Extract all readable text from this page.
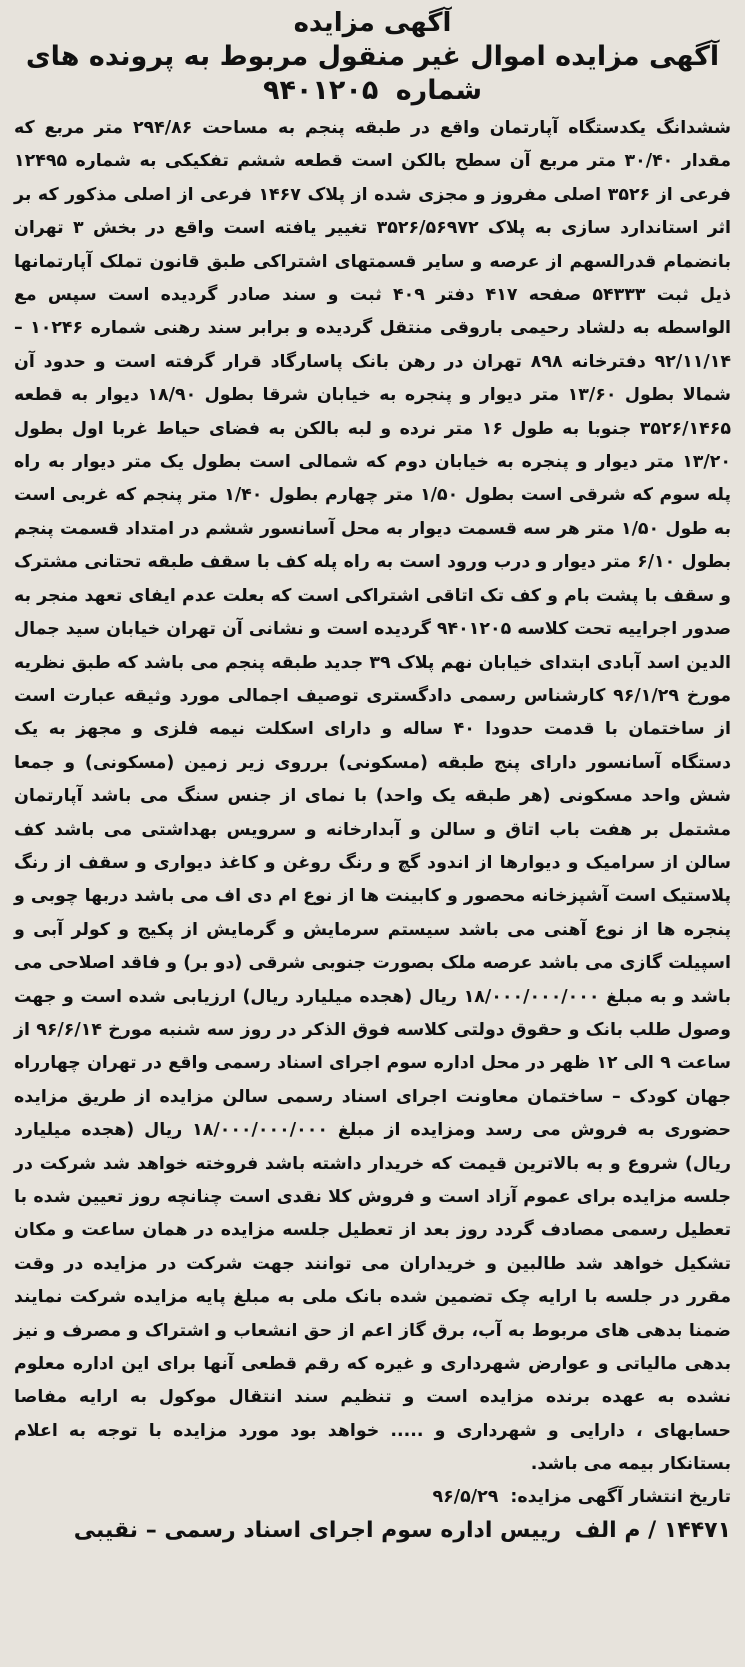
آگهی مزایده
آگهی مزایده اموال غیر منقول مربوط به پرونده های
شماره ۹۴۰۱۲۰۵

ششدانگ یکدستگاه آپارتمان واقع در طبقه پنجم به مساحت ۲۹۴/۸۶ متر مربع که مقدار ۳۰/۴۰ متر مربع آن سطح بالکن است قطعه ششم تفکیکی به شماره ۱۲۴۹۵ فرعی از ۳۵۲۶ اصلی مفروز و مجزی شده از پلاک ۱۴۶۷ فرعی از اصلی مذکور که بر اثر استاندارد سازی به پلاک ۳۵۲۶/۵۶۹۷۲ تغییر یافته است واقع در بخش ۳ تهران بانضمام قدرالسهم از عرصه و سایر قسمتهای اشتراکی طبق قانون تملک آپارتمانها ذیل ثبت ۵۴۳۳۳ صفحه ۴۱۷ دفتر ۴۰۹ ثبت و سند صادر گردیده است سپس مع الواسطه به دلشاد رحیمی باروقی منتقل گردیده و برابر سند رهنی شماره ۱۰۲۴۶ – ۹۲/۱۱/۱۴ دفترخانه ۸۹۸ تهران در رهن بانک پاسارگاد قرار گرفته است و حدود آن شمالا بطول ۱۳/۶۰ متر دیوار و پنجره به خیابان شرقا بطول ۱۸/۹۰ دیوار به قطعه ۳۵۲۶/۱۴۶۵ جنوبا به طول ۱۶ متر نرده و لبه بالکن به فضای حیاط غربا اول بطول ۱۳/۲۰ متر دیوار و پنجره به خیابان دوم که شمالی است بطول یک متر دیوار به راه پله سوم که شرقی است بطول ۱/۵۰ متر چهارم بطول ۱/۴۰ متر پنجم که غربی است به طول ۱/۵۰ متر هر سه قسمت دیوار به محل آسانسور ششم در امتداد قسمت پنجم بطول ۶/۱۰ متر دیوار و درب ورود است به راه پله کف با سقف طبقه تحتانی مشترک و سقف با پشت بام و کف تک اتاقی اشتراکی است که بعلت عدم ایفای تعهد منجر به صدور اجراییه تحت کلاسه ۹۴۰۱۲۰۵ گردیده است و نشانی آن تهران خیابان سید جمال الدین اسد آبادی ابتدای خیابان نهم پلاک ۳۹ جدید طبقه پنجم می باشد که طبق نظریه مورخ ۹۶/۱/۲۹ کارشناس رسمی دادگستری توصیف اجمالی مورد وثیقه عبارت است از ساختمان با قدمت حدودا ۴۰ ساله و دارای اسکلت نیمه فلزی و مجهز به یک دستگاه آسانسور دارای پنج طبقه (مسکونی) برروی زیر زمین (مسکونی) و جمعا شش واحد مسکونی (هر طبقه یک واحد) با نمای از جنس سنگ می باشد آپارتمان مشتمل بر هفت باب اتاق و سالن و آبدارخانه و سرویس بهداشتی می باشد کف سالن از سرامیک و دیوارها از اندود گچ و رنگ روغن و کاغذ دیواری و سقف از رنگ پلاستیک است آشپزخانه محصور و کابینت ها از نوع ام دی اف می باشد دربها چوبی و پنجره ها از نوع آهنی می باشد سیستم سرمایش و گرمایش از پکیج و کولر آبی و اسپیلت گازی می باشد عرصه ملک بصورت جنوبی شرقی (دو بر) و فاقد اصلاحی می باشد و به مبلغ ۱۸/۰۰۰/۰۰۰/۰۰۰ ریال (هجده میلیارد ریال) ارزیابی شده است و جهت وصول طلب بانک و حقوق دولتی کلاسه فوق الذکر در روز سه شنبه مورخ ۹۶/۶/۱۴ از ساعت ۹ الی ۱۲ ظهر در محل اداره سوم اجرای اسناد رسمی واقع در تهران چهارراه جهان کودک – ساختمان معاونت اجرای اسناد رسمی سالن مزایده از طریق مزایده حضوری به فروش می رسد ومزایده از مبلغ ۱۸/۰۰۰/۰۰۰/۰۰۰ ریال (هجده میلیارد ریال) شروع و به بالاترین قیمت که خریدار داشته باشد فروخته خواهد شد شرکت در جلسه مزایده برای عموم آزاد است و فروش کلا نقدی است چنانچه روز تعیین شده با تعطیل رسمی مصادف گردد روز بعد از تعطیل جلسه مزایده در همان ساعت و مکان تشکیل خواهد شد طالبین و خریداران می توانند جهت شرکت در مزایده در وقت مقرر در جلسه با ارایه چک تضمین شده بانک ملی به مبلغ پایه مزایده شرکت نمایند ضمنا بدهی های مربوط به آب، برق گاز اعم از حق انشعاب و اشتراک و مصرف و نیز بدهی مالیاتی و عوارض شهرداری و غیره که رقم قطعی آنها برای این اداره معلوم نشده به عهده برنده مزایده است و تنظیم سند انتقال موکول به ارایه مفاصا حسابهای ، دارایی و شهرداری و ..... خواهد بود مورد مزایده با توجه به اعلام بستانکار بیمه می باشد.

تاریخ انتشار آگهی مزایده: ۹۶/۵/۲۹
۱۴۴۷۱ / م الف رییس اداره سوم اجرای اسناد رسمی – نقیبی
